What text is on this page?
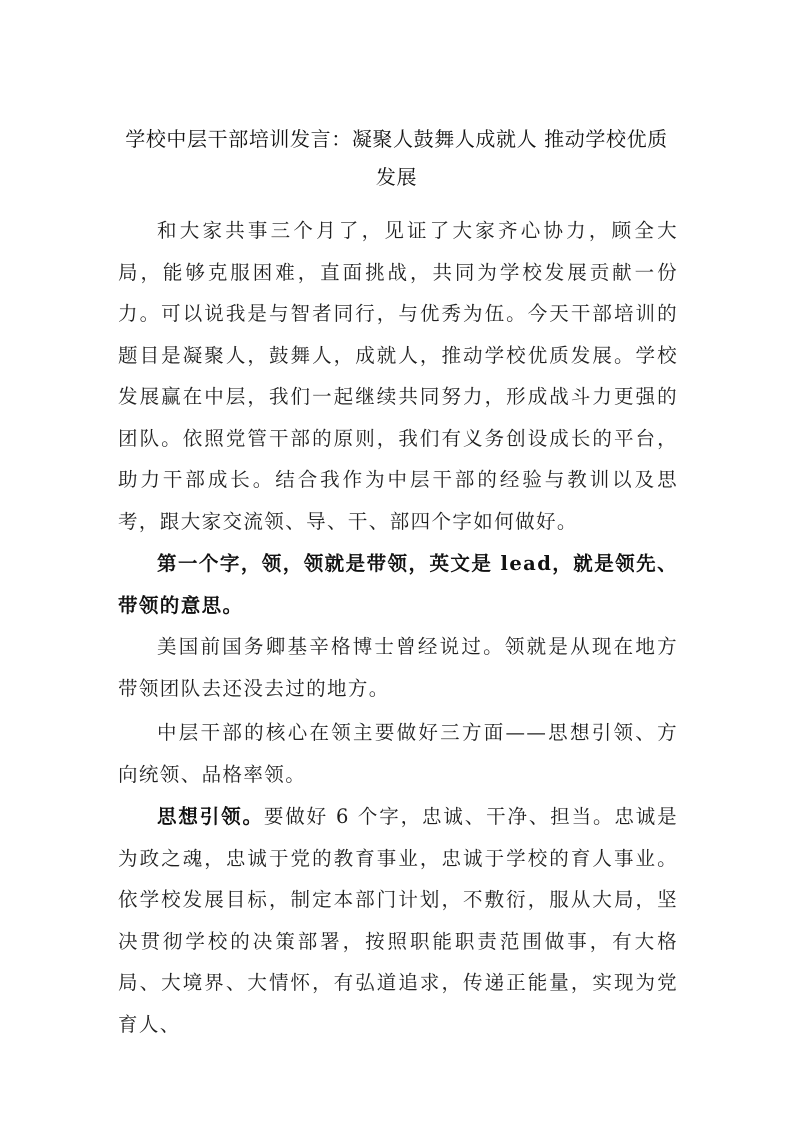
学校中层干部培训发言：凝聚人鼓舞人成就人 推动学校优质发展

和大家共事三个月了，见证了大家齐心协力，顾全大局，能够克服困难，直面挑战，共同为学校发展贡献一份力。可以说我是与智者同行，与优秀为伍。今天干部培训的题目是凝聚人，鼓舞人，成就人，推动学校优质发展。学校发展赢在中层，我们一起继续共同努力，形成战斗力更强的团队。依照党管干部的原则，我们有义务创设成长的平台，助力干部成长。结合我作为中层干部的经验与教训以及思考，跟大家交流领、导、干、部四个字如何做好。

第一个字，领，领就是带领，英文是 lead，就是领先、带领的意思。

美国前国务卿基辛格博士曾经说过。领就是从现在地方带领团队去还没去过的地方。

中层干部的核心在领主要做好三方面——思想引领、方向统领、品格率领。

思想引领。要做好 6 个字，忠诚、干净、担当。忠诚是为政之魂，忠诚于党的教育事业，忠诚于学校的育人事业。依学校发展目标，制定本部门计划，不敷衍，服从大局，坚决贯彻学校的决策部署，按照职能职责范围做事，有大格局、大境界、大情怀，有弘道追求，传递正能量，实现为党育人、
